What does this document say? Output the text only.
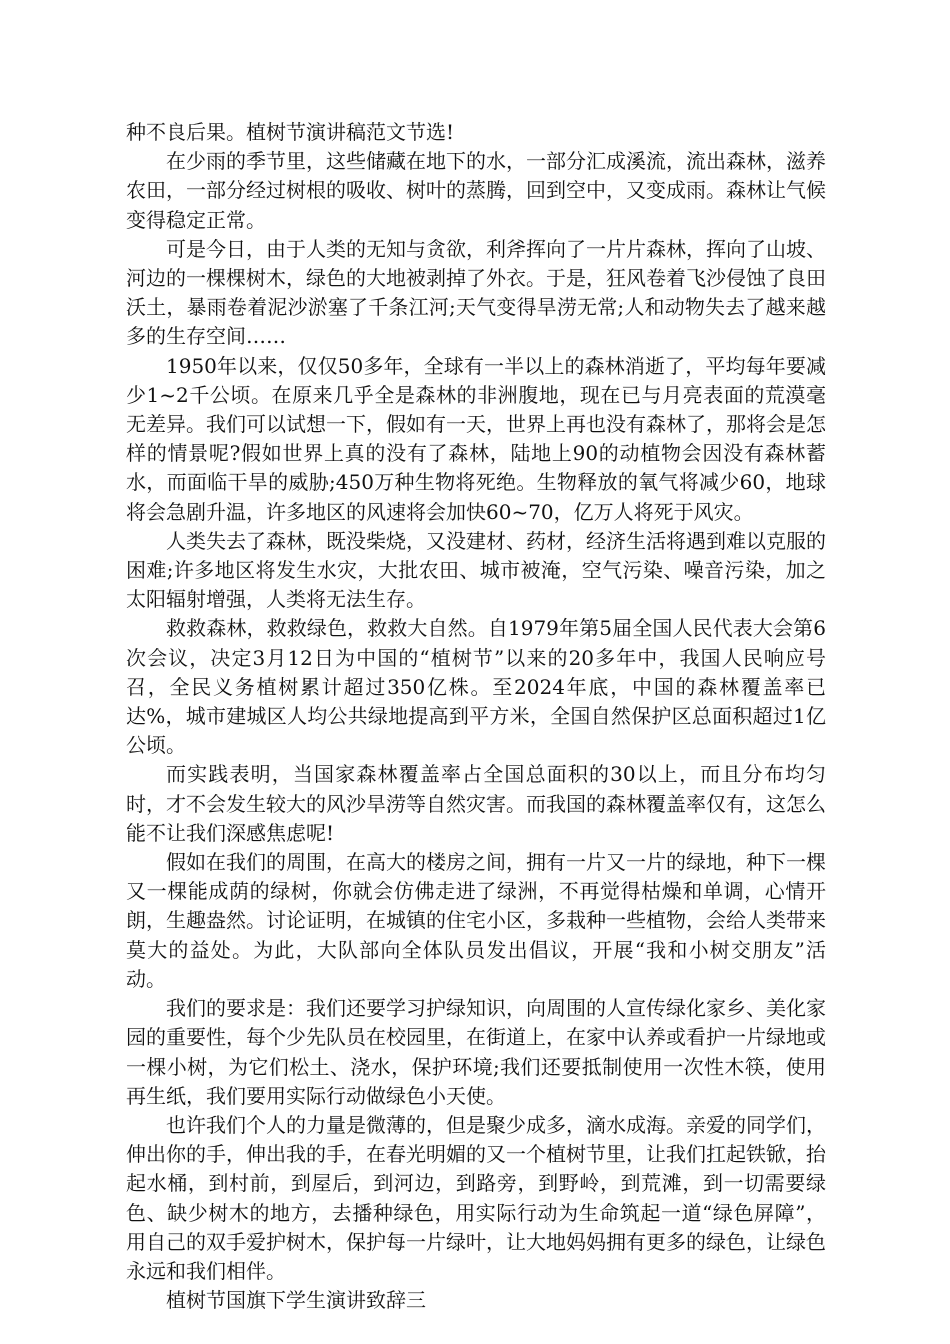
种不良后果。植树节演讲稿范文节选!

在少雨的季节里，这些储藏在地下的水，一部分汇成溪流，流出森林，滋养农田，一部分经过树根的吸收、树叶的蒸腾，回到空中，又变成雨。森林让气候变得稳定正常。

可是今日，由于人类的无知与贪欲，利斧挥向了一片片森林，挥向了山坡、河边的一棵棵树木，绿色的大地被剥掉了外衣。于是，狂风卷着飞沙侵蚀了良田沃土，暴雨卷着泥沙淤塞了千条江河;天气变得旱涝无常;人和动物失去了越来越多的生存空间……

1950年以来，仅仅50多年，全球有一半以上的森林消逝了，平均每年要减少1~2千公顷。在原来几乎全是森林的非洲腹地，现在已与月亮表面的荒漠毫无差异。我们可以试想一下，假如有一天，世界上再也没有森林了，那将会是怎样的情景呢?假如世界上真的没有了森林，陆地上90的动植物会因没有森林蓄水，而面临干旱的威胁;450万种生物将死绝。生物释放的氧气将减少60，地球将会急剧升温，许多地区的风速将会加快60~70，亿万人将死于风灾。

人类失去了森林，既没柴烧，又没建材、药材，经济生活将遇到难以克服的困难;许多地区将发生水灾，大批农田、城市被淹，空气污染、噪音污染，加之太阳辐射增强，人类将无法生存。

救救森林，救救绿色，救救大自然。自1979年第5届全国人民代表大会第6次会议，决定3月12日为中国的“植树节”以来的20多年中，我国人民响应号召，全民义务植树累计超过350亿株。至2024年底，中国的森林覆盖率已达%，城市建城区人均公共绿地提高到平方米，全国自然保护区总面积超过1亿公顷。

而实践表明，当国家森林覆盖率占全国总面积的30以上，而且分布均匀时，才不会发生较大的风沙旱涝等自然灾害。而我国的森林覆盖率仅有，这怎么能不让我们深感焦虑呢!

假如在我们的周围，在高大的楼房之间，拥有一片又一片的绿地，种下一棵又一棵能成荫的绿树，你就会仿佛走进了绿洲，不再觉得枯燥和单调，心情开朗，生趣盎然。讨论证明，在城镇的住宅小区，多栽种一些植物，会给人类带来莫大的益处。为此，大队部向全体队员发出倡议，开展“我和小树交朋友”活动。

我们的要求是：我们还要学习护绿知识，向周围的人宣传绿化家乡、美化家园的重要性，每个少先队员在校园里，在街道上，在家中认养或看护一片绿地或一棵小树，为它们松土、浇水，保护环境;我们还要抵制使用一次性木筷，使用再生纸，我们要用实际行动做绿色小天使。

也许我们个人的力量是微薄的，但是聚少成多，滴水成海。亲爱的同学们，伸出你的手，伸出我的手，在春光明媚的又一个植树节里，让我们扛起铁锨，抬起水桶，到村前，到屋后，到河边，到路旁，到野岭，到荒滩，到一切需要绿色、缺少树木的地方，去播种绿色，用实际行动为生命筑起一道“绿色屏障”，用自己的双手爱护树木，保护每一片绿叶，让大地妈妈拥有更多的绿色，让绿色永远和我们相伴。

植树节国旗下学生演讲致辞三
